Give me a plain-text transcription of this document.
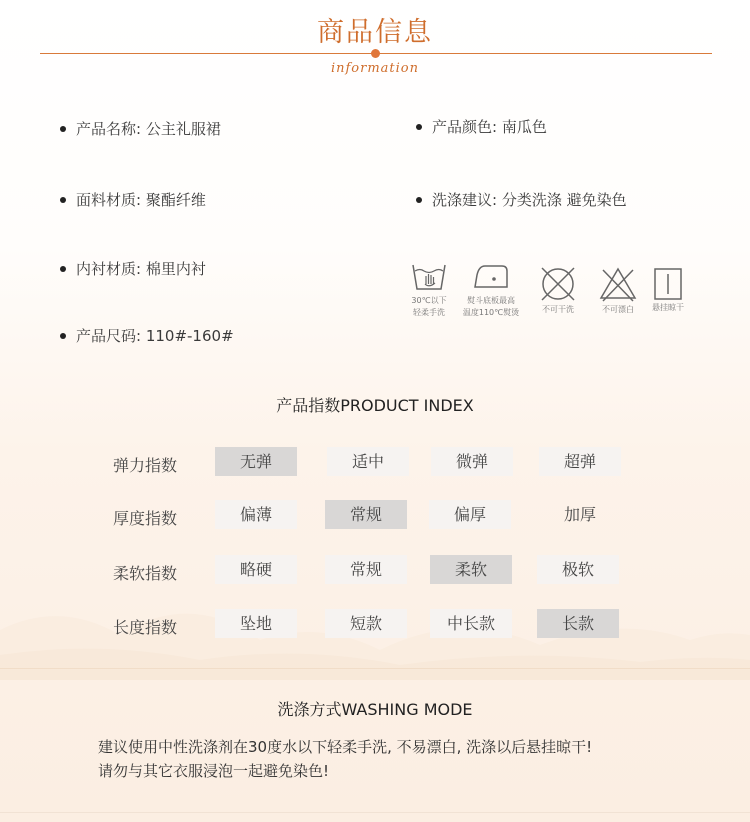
商品信息
information
产品名称: 公主礼服裙	产品颜色: 南瓜色
面料材质: 聚酯纤维	洗涤建议: 分类洗涤 避免染色
内衬材质: 棉里内衬
产品尺码: 110#-160#
30℃以下
轻柔手洗
熨斗底板最高
温度110℃熨烫	不可干洗	不可漂白	悬挂晾干
产品指数PRODUCT INDEX
弹力指数	无弹	适中	微弹	超弹
厚度指数	偏薄	常规	偏厚	加厚
柔软指数	略硬	常规	柔软	极软
长度指数	坠地	短款	中长款	长款
洗涤方式WASHING MODE
建议使用中性洗涤剂在30度水以下轻柔手洗, 不易漂白, 洗涤以后悬挂晾干!
请勿与其它衣服浸泡一起避免染色!
